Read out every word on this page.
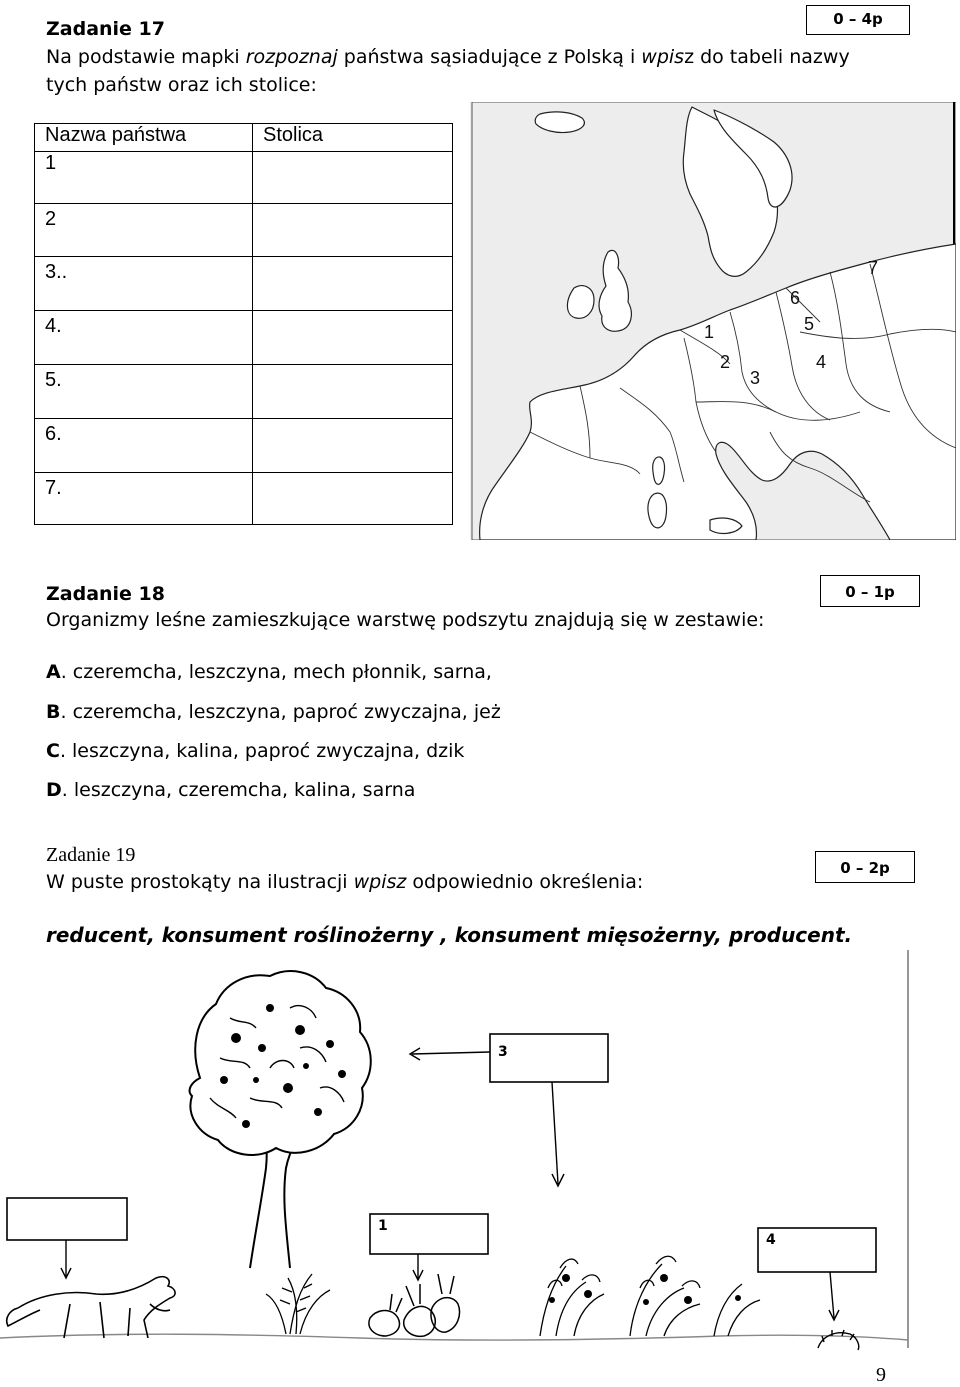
Zadanie 17	0 – 4p
Na podstawie mapki rozpoznaj państwa sąsiadujące z Polską i wpisz do tabeli nazwy
tych państw oraz ich stolice:
Nazwa państwa	Stolica
1	
2	
3..	
4.	
5.	
6.	
7.	
1
2
3
4
5
6
7
Zadanie 18	0 – 1p
Organizmy leśne zamieszkujące warstwę podszytu znajdują się w zestawie:
A. czeremcha, leszczyna, mech płonnik, sarna,
B. czeremcha, leszczyna, paproć zwyczajna, jeż
C. leszczyna, kalina, paproć zwyczajna, dzik
D. leszczyna, czeremcha, kalina, sarna
Zadanie 19
0 – 2p
W puste prostokąty na ilustracji wpisz odpowiednio określenia:
reducent, konsument roślinożerny , konsument mięsożerny, producent.
3
1
4
9
